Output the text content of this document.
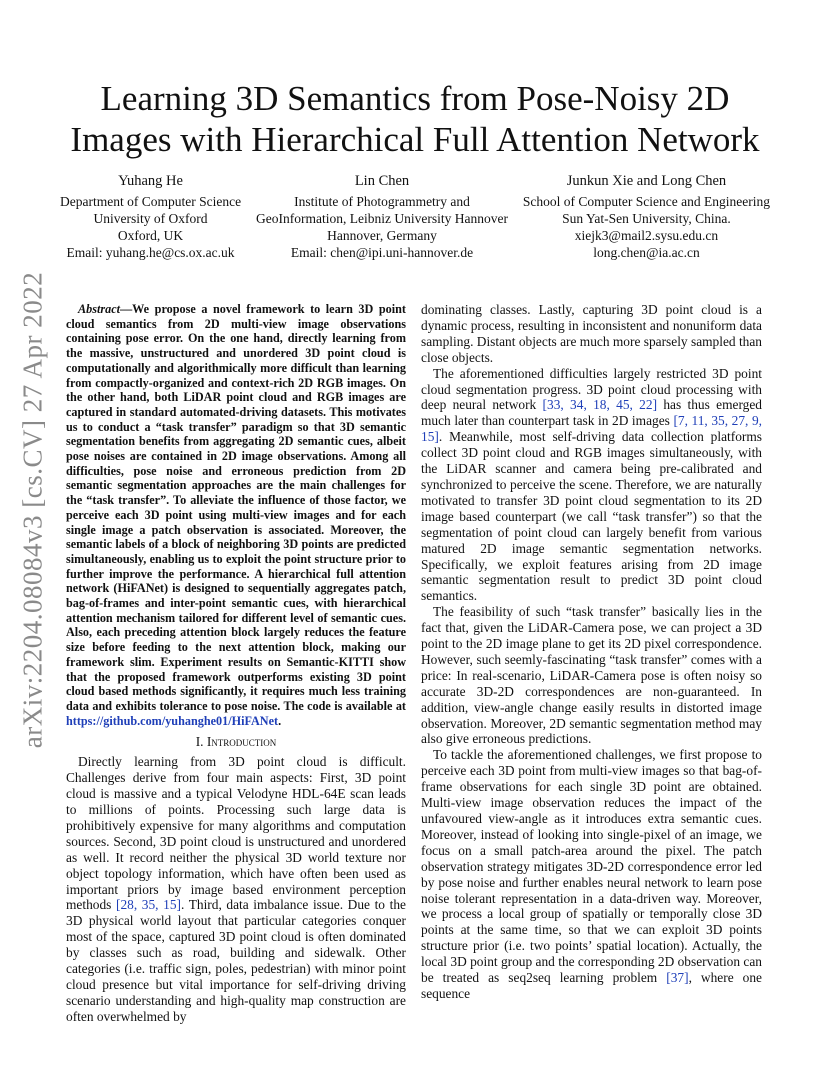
arXiv:2204.08084v3 [cs.CV] 27 Apr 2022
Learning 3D Semantics from Pose-Noisy 2D Images with Hierarchical Full Attention Network
Yuhang He
Department of Computer Science
University of Oxford
Oxford, UK
Email: yuhang.he@cs.ox.ac.uk
Lin Chen
Institute of Photogrammetry and
GeoInformation, Leibniz University Hannover
Hannover, Germany
Email: chen@ipi.uni-hannover.de
Junkun Xie and Long Chen
School of Computer Science and Engineering
Sun Yat-Sen University, China.
xiejk3@mail2.sysu.edu.cn
long.chen@ia.ac.cn

Abstract—We propose a novel framework to learn 3D point cloud semantics from 2D multi-view image observations containing pose error. On the one hand, directly learning from the massive, unstructured and unordered 3D point cloud is computationally and algorithmically more difficult than learning from compactly-organized and context-rich 2D RGB images. On the other hand, both LiDAR point cloud and RGB images are captured in standard automated-driving datasets. This motivates us to conduct a “task transfer” paradigm so that 3D semantic segmentation benefits from aggregating 2D semantic cues, albeit pose noises are contained in 2D image observations. Among all difficulties, pose noise and erroneous prediction from 2D semantic segmentation approaches are the main challenges for the “task transfer”. To alleviate the influence of those factor, we perceive each 3D point using multi-view images and for each single image a patch observation is associated. Moreover, the semantic labels of a block of neighboring 3D points are predicted simultaneously, enabling us to exploit the point structure prior to further improve the performance. A hierarchical full attention network (HiFANet) is designed to sequentially aggregates patch, bag-of-frames and inter-point semantic cues, with hierarchical attention mechanism tailored for different level of semantic cues. Also, each preceding attention block largely reduces the feature size before feeding to the next attention block, making our framework slim. Experiment results on Semantic-KITTI show that the proposed framework outperforms existing 3D point cloud based methods significantly, it requires much less training data and exhibits tolerance to pose noise. The code is available at https://github.com/yuhanghe01/HiFANet.

I. Introduction

Directly learning from 3D point cloud is difficult. Challenges derive from four main aspects: First, 3D point cloud is massive and a typical Velodyne HDL-64E scan leads to millions of points. Processing such large data is prohibitively expensive for many algorithms and computation sources. Second, 3D point cloud is unstructured and unordered as well. It record neither the physical 3D world texture nor object topology information, which have often been used as important priors by image based environment perception methods [28, 35, 15]. Third, data imbalance issue. Due to the 3D physical world layout that particular categories conquer most of the space, captured 3D point cloud is often dominated by classes such as road, building and sidewalk. Other categories (i.e. traffic sign, poles, pedestrian) with minor point cloud presence but vital importance for self-driving driving scenario understanding and high-quality map construction are often overwhelmed by

dominating classes. Lastly, capturing 3D point cloud is a dynamic process, resulting in inconsistent and nonuniform data sampling. Distant objects are much more sparsely sampled than close objects.

The aforementioned difficulties largely restricted 3D point cloud segmentation progress. 3D point cloud processing with deep neural network [33, 34, 18, 45, 22] has thus emerged much later than counterpart task in 2D images [7, 11, 35, 27, 9, 15]. Meanwhile, most self-driving data collection platforms collect 3D point cloud and RGB images simultaneously, with the LiDAR scanner and camera being pre-calibrated and synchronized to perceive the scene. Therefore, we are naturally motivated to transfer 3D point cloud segmentation to its 2D image based counterpart (we call “task transfer”) so that the segmentation of point cloud can largely benefit from various matured 2D image semantic segmentation networks. Specifically, we exploit features arising from 2D image semantic segmentation result to predict 3D point cloud semantics.

The feasibility of such “task transfer” basically lies in the fact that, given the LiDAR-Camera pose, we can project a 3D point to the 2D image plane to get its 2D pixel correspondence. However, such seemly-fascinating “task transfer” comes with a price: In real-scenario, LiDAR-Camera pose is often noisy so accurate 3D-2D correspondences are non-guaranteed. In addition, view-angle change easily results in distorted image observation. Moreover, 2D semantic segmentation method may also give erroneous predictions.

To tackle the aforementioned challenges, we first propose to perceive each 3D point from multi-view images so that bag-of-frame observations for each single 3D point are obtained. Multi-view image observation reduces the impact of the unfavoured view-angle as it introduces extra semantic cues. Moreover, instead of looking into single-pixel of an image, we focus on a small patch-area around the pixel. The patch observation strategy mitigates 3D-2D correspondence error led by pose noise and further enables neural network to learn pose noise tolerant representation in a data-driven way. Moreover, we process a local group of spatially or temporally close 3D points at the same time, so that we can exploit 3D points structure prior (i.e. two points’ spatial location). Actually, the local 3D point group and the corresponding 2D observation can be treated as seq2seq learning problem [37], where one sequence
